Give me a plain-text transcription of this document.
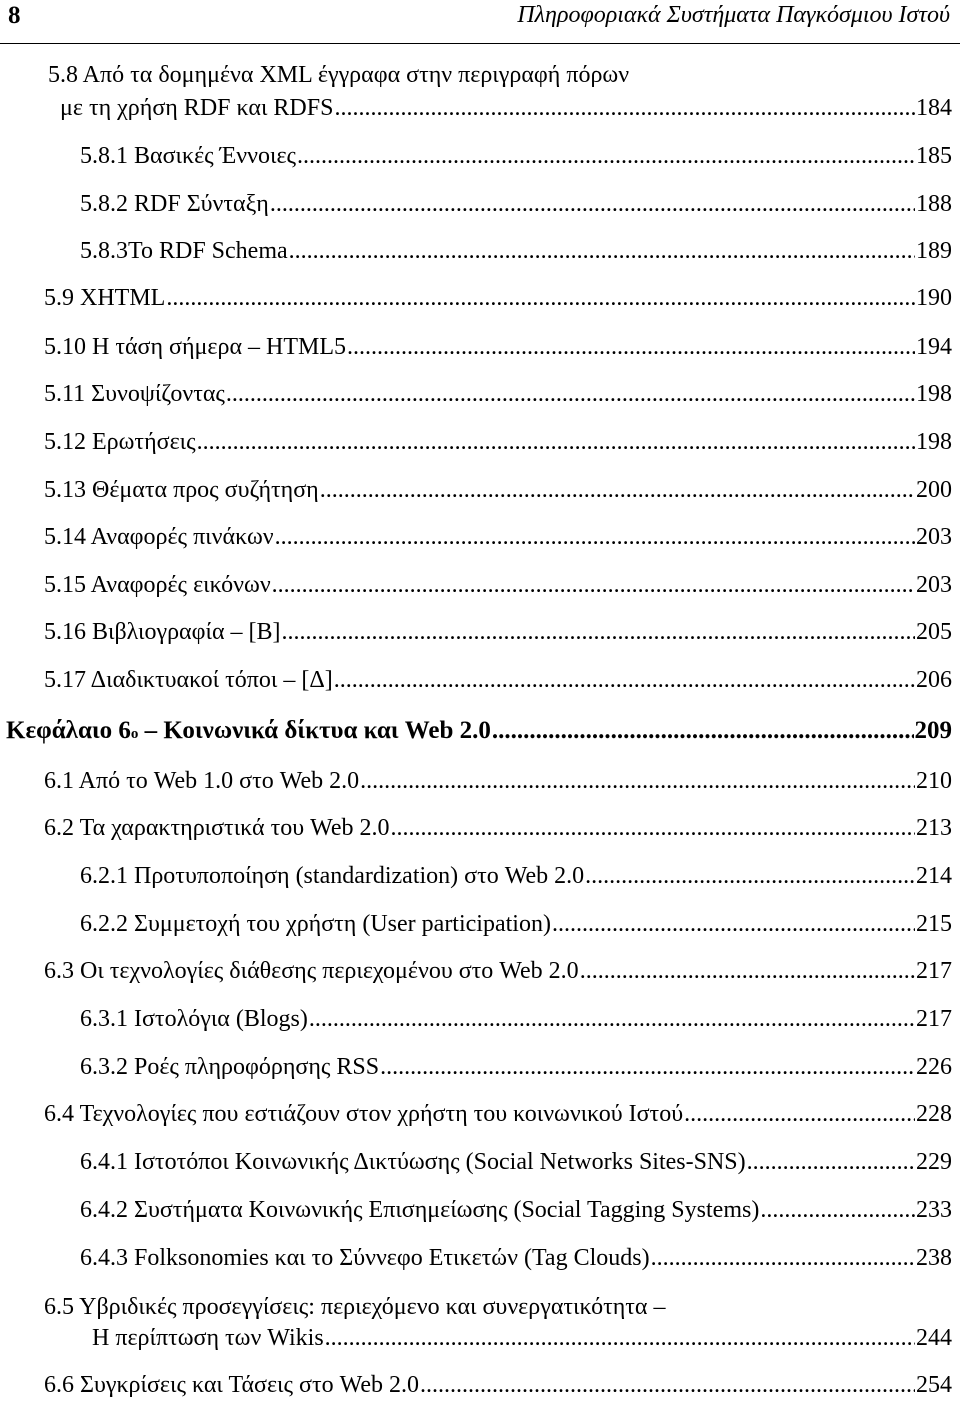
8	Πληροφοριακά Συστήματα Παγκόσμιου Ιστού
5.8 Από τα δομημένα XML έγγραφα στην περιγραφή πόρων
με τη χρήση RDF και RDFS .....	184
5.8.1 Βασικές Έννοιες .....	185
5.8.2 RDF Σύνταξη .....	188
5.8.3To RDF Schema .....	189
5.9 XHTML .....	190
5.10 Η τάση σήμερα – HTML5 .....	194
5.11 Συνοψίζοντας .....	198
5.12 Ερωτήσεις .....	198
5.13 Θέματα προς συζήτηση .....	200
5.14 Αναφορές πινάκων .....	203
5.15 Αναφορές εικόνων .....	203
5.16 Βιβλιογραφία – [Β] .....	205
5.17 Διαδικτυακοί τόποι – [Δ] .....	206
Κεφάλαιο 6 ο
– Κοινωνικά δίκτυα και Web 2.0 .....	209
6.1 Από το Web 1.0 στο Web 2.0 .....	210
6.2 Τα χαρακτηριστικά του Web 2.0 .....	213
6.2.1 Προτυποποίηση (standardization) στο Web 2.0 .....	214
6.2.2 Συμμετοχή του χρήστη (User participation) .....	215
6.3 Οι τεχνολογίες διάθεσης περιεχομένου στο Web 2.0 .....	217
6.3.1 Ιστολόγια (Blogs) .....	217
6.3.2 Ροές πληροφόρησης RSS .....	226
6.4 Τεχνολογίες που εστιάζουν στον χρήστη του κοινωνικού Ιστού .....	228
6.4.1 Ιστοτόποι Κοινωνικής Δικτύωσης (Social Networks Sites-SNS) .....	229
6.4.2 Συστήματα Κοινωνικής Επισημείωσης (Social Tagging Systems) .....	233
6.4.3 Folksonomies και το Σύννεφο Ετικετών (Tag Clouds) .....	238
6.5 Υβριδικές προσεγγίσεις: περιεχόμενο και συνεργατικότητα –
Η περίπτωση των Wikis .....	244
6.6 Συγκρίσεις και Τάσεις στο Web 2.0 .....	254
